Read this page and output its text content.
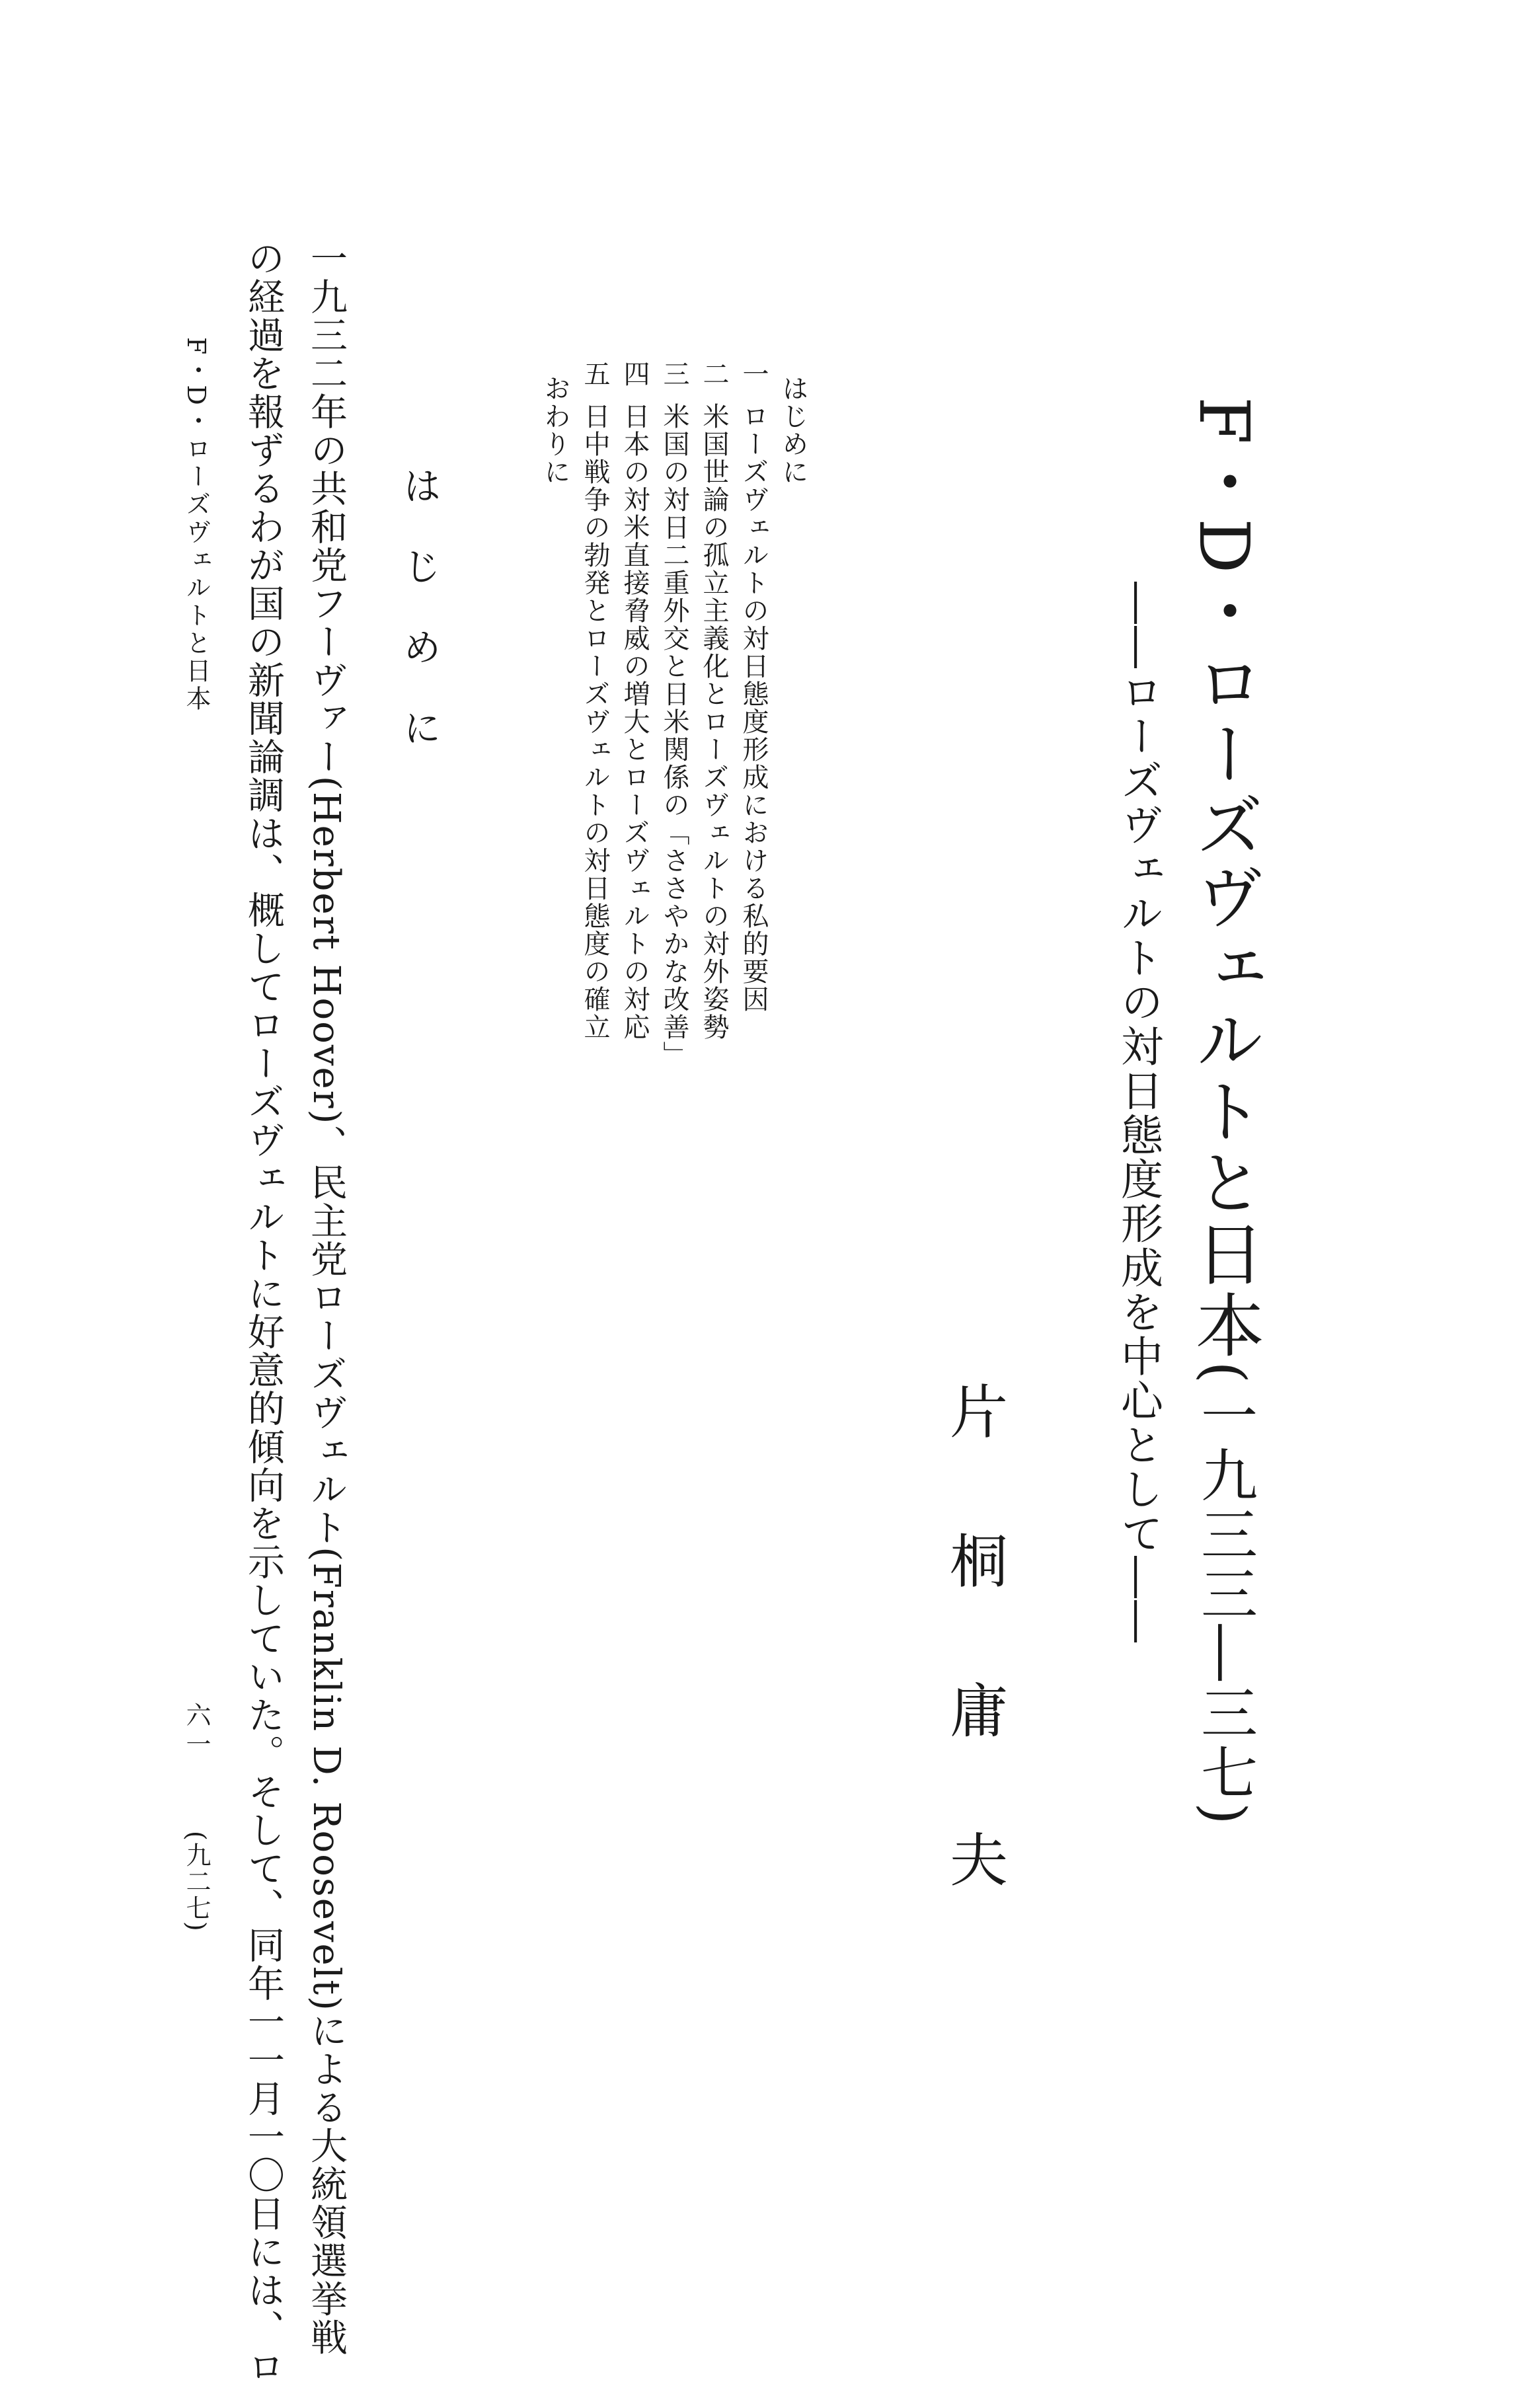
F・D・ローズヴェルトと日本(一九三三―三七)
――ローズヴェルトの対日態度形成を中心として――
片桐庸夫
はじめに
一ローズヴェルトの対日態度形成における私的要因
二米国世論の孤立主義化とローズヴェルトの対外姿勢
三米国の対日二重外交と日米関係の「ささやかな改善」
四日本の対米直接脅威の増大とローズヴェルトの対応
五日中戦争の勃発とローズヴェルトの対日態度の確立
おわりに
はじめに
一九三二年の共和党フーヴァー(Herbert Hoover)、民主党ローズヴェルト(Franklin D. Roosevelt)による大統領選挙戦
の経過を報ずるわが国の新聞論調は、概してローズヴェルトに好意的傾向を示していた。そして、同年一一月一〇日には、ロ
F・D・ローズヴェルトと日本
六一
(九二七)
